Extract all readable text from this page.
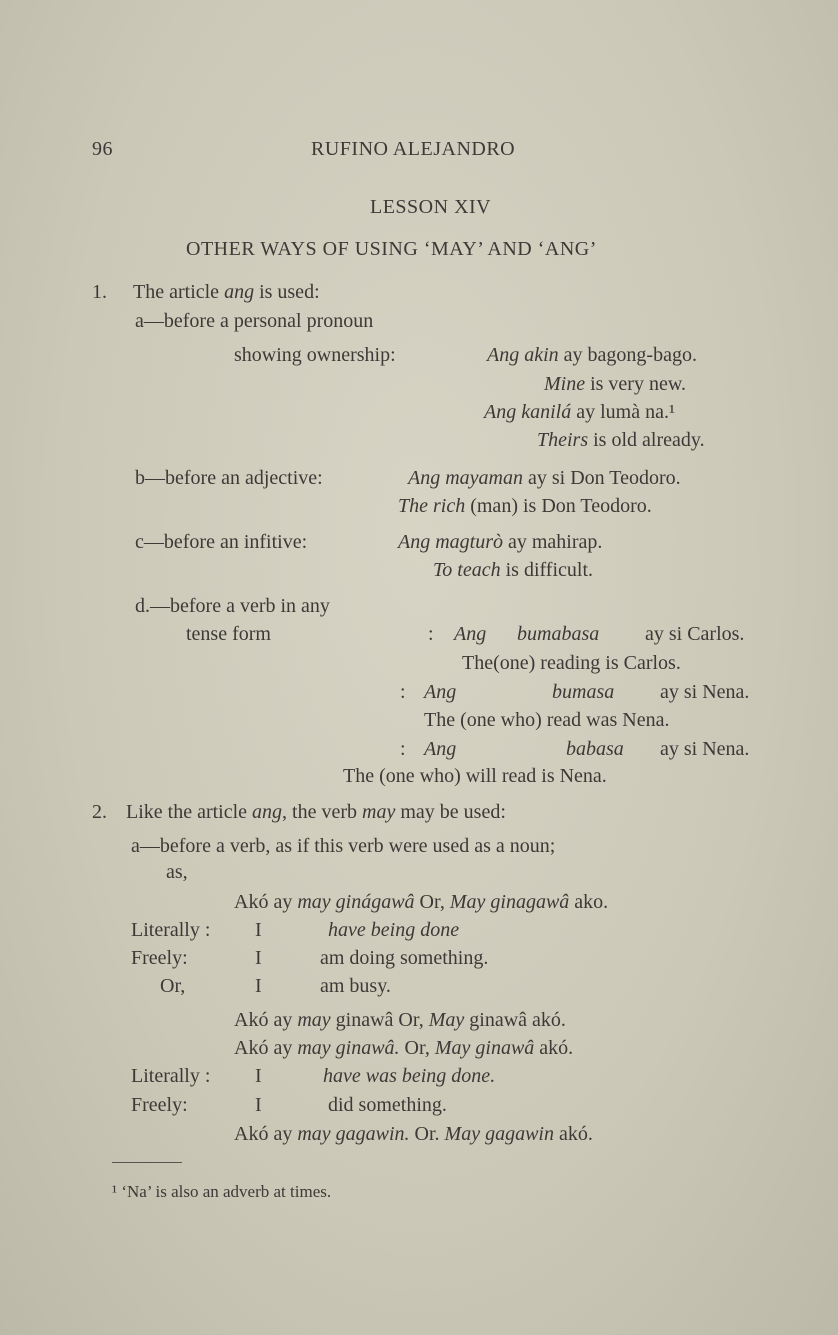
96	RUFINO ALEJANDRO
LESSON XIV
OTHER WAYS OF USING ‘MAY’ AND ‘ANG’
1. The article ang is used:
a—before a personal pronoun
showing ownership:	Ang akin ay bagong-bago.
Mine is very new.
Ang kanilá ay lumà na.¹
Theirs is old already.
b—before an adjective:	Ang mayaman ay si Don Teodoro.
The rich (man) is Don Teodoro.
c—before an infitive:	Ang magturò ay mahirap.
To teach is difficult.
d.—before a verb in any
tense form	: Ang bumabasa ay si Carlos.
The(one) reading is Carlos.
: Ang	bumasa ay si Nena.
The (one who) read was Nena.
: Ang	babasa ay si Nena.
The (one who) will read is Nena.
2. Like the article ang, the verb may may be used:
a—before a verb, as if this verb were used as a noun;
as,
Akó ay may ginágawâ Or, May ginagawâ ako.
Literally : I	have being done
Freely:	I	am doing something.
Or,	I	am busy.
Akó ay may ginawâ Or, May ginawâ akó.
Akó ay may ginawâ. Or, May ginawâ akó.
Literally : I	have was being done.
Freely:	I	did something.
Akó ay may gagawin. Or. May gagawin akó.
¹ ‘Na’ is also an adverb at times.
